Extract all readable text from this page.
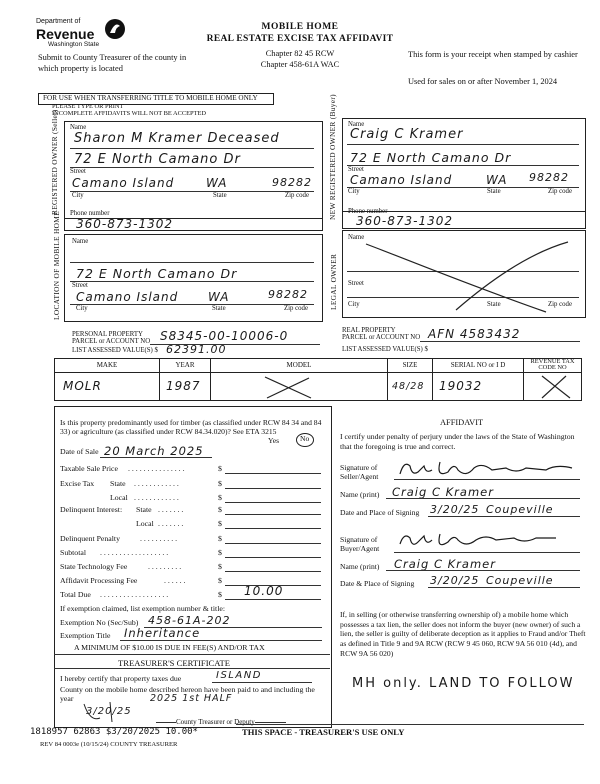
Department of
Revenue
Washington State
Submit to County Treasurer of the county in which property is located
MOBILE HOME
REAL ESTATE EXCISE TAX AFFIDAVIT
Chapter 82 45 RCW
Chapter 458-61A WAC
This form is your receipt when stamped by cashier
Used for sales on or after November 1, 2024
FOR USE WHEN TRANSFERRING TITLE TO MOBILE HOME ONLY
PLEASE TYPE OR PRINT
INCOMPLETE AFFIDAVITS WILL NOT BE ACCEPTED
REGISTERED OWNER (Seller) Name
Sharon M Kramer Deceased
72 E North Camano Dr
Street
Camano Island	WA	98282
City	State	Zip code
Phone number
360-873-1302
NEW REGISTERED OWNER (Buyer) Name
Craig C Kramer
72 E North Camano Dr
Street
Camano Island	WA 98282
City	State	Zip code
Phone number
360-873-1302
LOCATION OF MOBILE HOME Name
72 E North Camano Dr
Street
Camano Island WA	98282
City	State	Zip code	LEGAL OWNER
Name
Street
City	State	Zip code
PERSONAL PROPERTY
PARCEL or ACCOUNT NO S8345-00-10006-0
LIST ASSESSED VALUE(S) $ 62391.00
REAL PROPERTY
PARCEL or ACCOUNT NO AFN 4583432
LIST ASSESSED VALUE(S) $
MAKE	YEAR	MODEL	SIZE	SERIAL NO or I D	REVENUE TAX CODE NO
MOLR	1987		48/28	19032	
Is this property predominantly used for timber (as classified under RCW 84 34 and 84 33) or agriculture (as classified under RCW 84.34.020)? See ETA 3215
Yes	No
Date of Sale 20 March 2025
Taxable Sale Price . . . . . . . . . . . . . . .	$
Excise Tax State . . . . . . . . . . . .	$
Local . . . . . . . . . . . .	$
Delinquent Interest: State . . . . . . .	$
Local . . . . . . .	$
Delinquent Penalty	. . . . . . . . . .	$
Subtotal . . . . . . . . . . . . . . . . . .	$
State Technology Fee	. . . . . . . . .	$
Affidavit Processing Fee	. . . . . .	$
Total Due . . . . . . . . . . . . . . . . . .	$ 10.00
If exemption claimed, list exemption number & title:
Exemption No (Sec/Sub) 458-61A-202
Exemption Title Inheritance
A MINIMUM OF $10.00 IS DUE IN FEE(S) AND/OR TAX
TREASURER'S CERTIFICATE
I hereby certify that property taxes due	ISLAND
County on the mobile home described hereon have been paid to and including the year	2025 1st HALF
3/20/25
County Treasurer or Deputy
1818957 62863 $3/20/2025 10.00*	THIS SPACE - TREASURER'S USE ONLY
REV 84 0003e (10/15/24) COUNTY TREASURER
AFFIDAVIT
I certify under penalty of perjury under the laws of the State of Washington that the foregoing is true and correct.
Signature of Seller/Agent
Name (print) Craig C Kramer
Date and Place of Signing 3/20/25 Coupeville
Signature of Buyer/Agent
Name (print) Craig C Kramer
Date & Place of Signing 3/20/25 Coupeville
If, in selling (or otherwise transferring ownership of) a mobile home which possesses a tax lien, the seller does not inform the buyer (new owner) of such a lien, the seller is guilty of deliberate deception as it applies to Fraud and/or Theft as defined in Title 9 and 9A RCW (RCW 9 45 060, RCW 9A 56 010 (4d), and RCW 9A 56 020)
MH only. LAND TO FOLLOW
